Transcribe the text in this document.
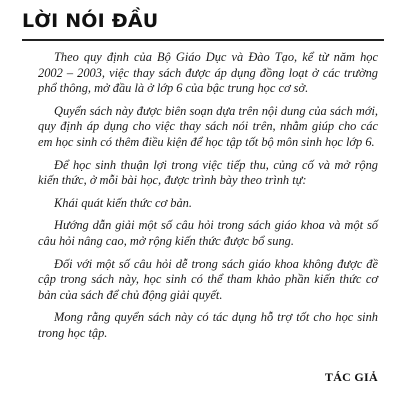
LỜI NÓI ĐẦU

Theo quy định của Bộ Giáo Dục và Đào Tạo, kể từ năm học 2002 – 2003, việc thay sách được áp dụng đồng loạt ở các trường phổ thông, mở đầu là ở lớp 6 của bậc trung học cơ sở.

Quyển sách này được biên soạn dựa trên nội dung của sách mới, quy định áp dụng cho việc thay sách nói trên, nhằm giúp cho các em học sinh có thêm điều kiện để học tập tốt bộ môn sinh học lớp 6.

Để học sinh thuận lợi trong việc tiếp thu, củng cố và mở rộng kiến thức, ở mỗi bài học, được trình bày theo trình tự:

Khái quát kiến thức cơ bản.

Hướng dẫn giải một số câu hỏi trong sách giáo khoa và một số câu hỏi nâng cao, mở rộng kiến thức được bổ sung.

Đối với một số câu hỏi dễ trong sách giáo khoa không được đề cập trong sách này, học sinh có thể tham khảo phần kiến thức cơ bản của sách để chủ động giải quyết.

Mong rằng quyển sách này có tác dụng hỗ trợ tốt cho học sinh trong học tập.

TÁC GIẢ
